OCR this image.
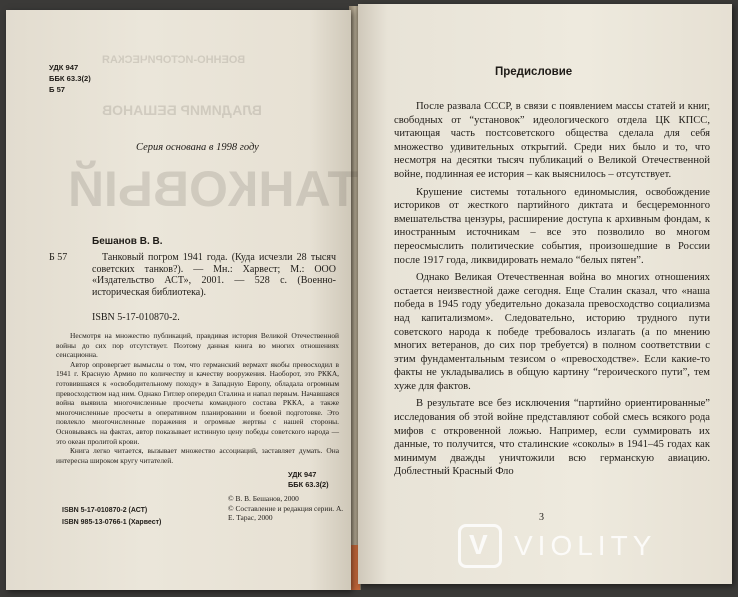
ВОЕННО-ИСТОРИЧЕСКАЯ
ВЛАДИМИР БЕШАНОВ
ТАНКОВЫЙ
УДК 947
ББК 63.3(2)
Б 57
Серия основана в 1998 году
Бешанов В. В.
Б 57	Танковый погром 1941 года. (Куда исчезли 28 тысяч советских танков?). — Мн.: Харвест; М.: ООО «Издательство АСТ», 2001. — 528 с. (Военно-историческая библиотека).
ISBN 5-17-010870-2.

Несмотря на множество публикаций, правдивая история Великой Отечественной войны до сих пор отсутствует. Поэтому данная книга во многих отношениях сенсационна.

Автор опровергает вымыслы о том, что германский вермахт якобы превосходил в 1941 г. Красную Армию по количеству и качеству вооружения. Наоборот, это РККА, готовившаяся к «освободительному походу» в Западную Европу, обладала огромным превосходством над ним. Однако Гитлер опередил Сталина и напал первым. Начавшаяся война выявила многочисленные просчеты командного состава РККА, а также многочисленные просчеты в оперативном планировании и боевой подготовке. Это повлекло многочисленные поражения и огромные жертвы с нашей стороны. Основываясь на фактах, автор показывает истинную цену победы советского народа — это океан пролитой крови.

Книга легко читается, вызывает множество ассоциаций, заставляет думать. Она интересна широком кругу читателей.

УДК 947
ББК 63.3(2)
ISBN 5-17-010870-2 (АСТ)
ISBN 985-13-0766-1 (Харвест)
© В. В. Бешанов, 2000
© Составление и редакция серии. А. Е. Тарас, 2000
Предисловие

После развала СССР, в связи с появлением массы статей и книг, свободных от “установок” идеологического отдела ЦК КПСС, читающая часть постсоветского общества сделала для себя множество удивительных открытий. Среди них было и то, что несмотря на десятки тысяч публикаций о Великой Отечественной войне, подлинная ее история – как выяснилось – отсутствует.

Крушение системы тотального единомыслия, освобождение историков от жесткого партийного диктата и бесцеремонного вмешательства цензуры, расширение доступа к архивным фондам, к иностранным источникам – все это позволило во многом переосмыслить политические события, произошедшие в России после 1917 года, ликвидировать немало “белых пятен”.

Однако Великая Отечественная война во многих отношениях остается неизвестной даже сегодня. Еще Сталин сказал, что «наша победа в 1945 году убедительно доказала превосходство социализма над капитализмом». Следовательно, историю трудного пути советского народа к победе требовалось излагать (а по мнению многих ветеранов, до сих пор требуется) в полном соответствии с этим фундаментальным тезисом о «превосходстве». Если какие-то факты не укладывались в общую картину “героического пути”, тем хуже для фактов.

В результате все без исключения “партийно ориентированные” исследования об этой войне представляют собой смесь всякого рода мифов с откровенной ложью. Например, если суммировать их данные, то получится, что сталинские «соколы» в 1941–45 годах как минимум дважды уничтожили всю германскую авиацию. Доблестный Красный Фло

3
V VIOLITY
